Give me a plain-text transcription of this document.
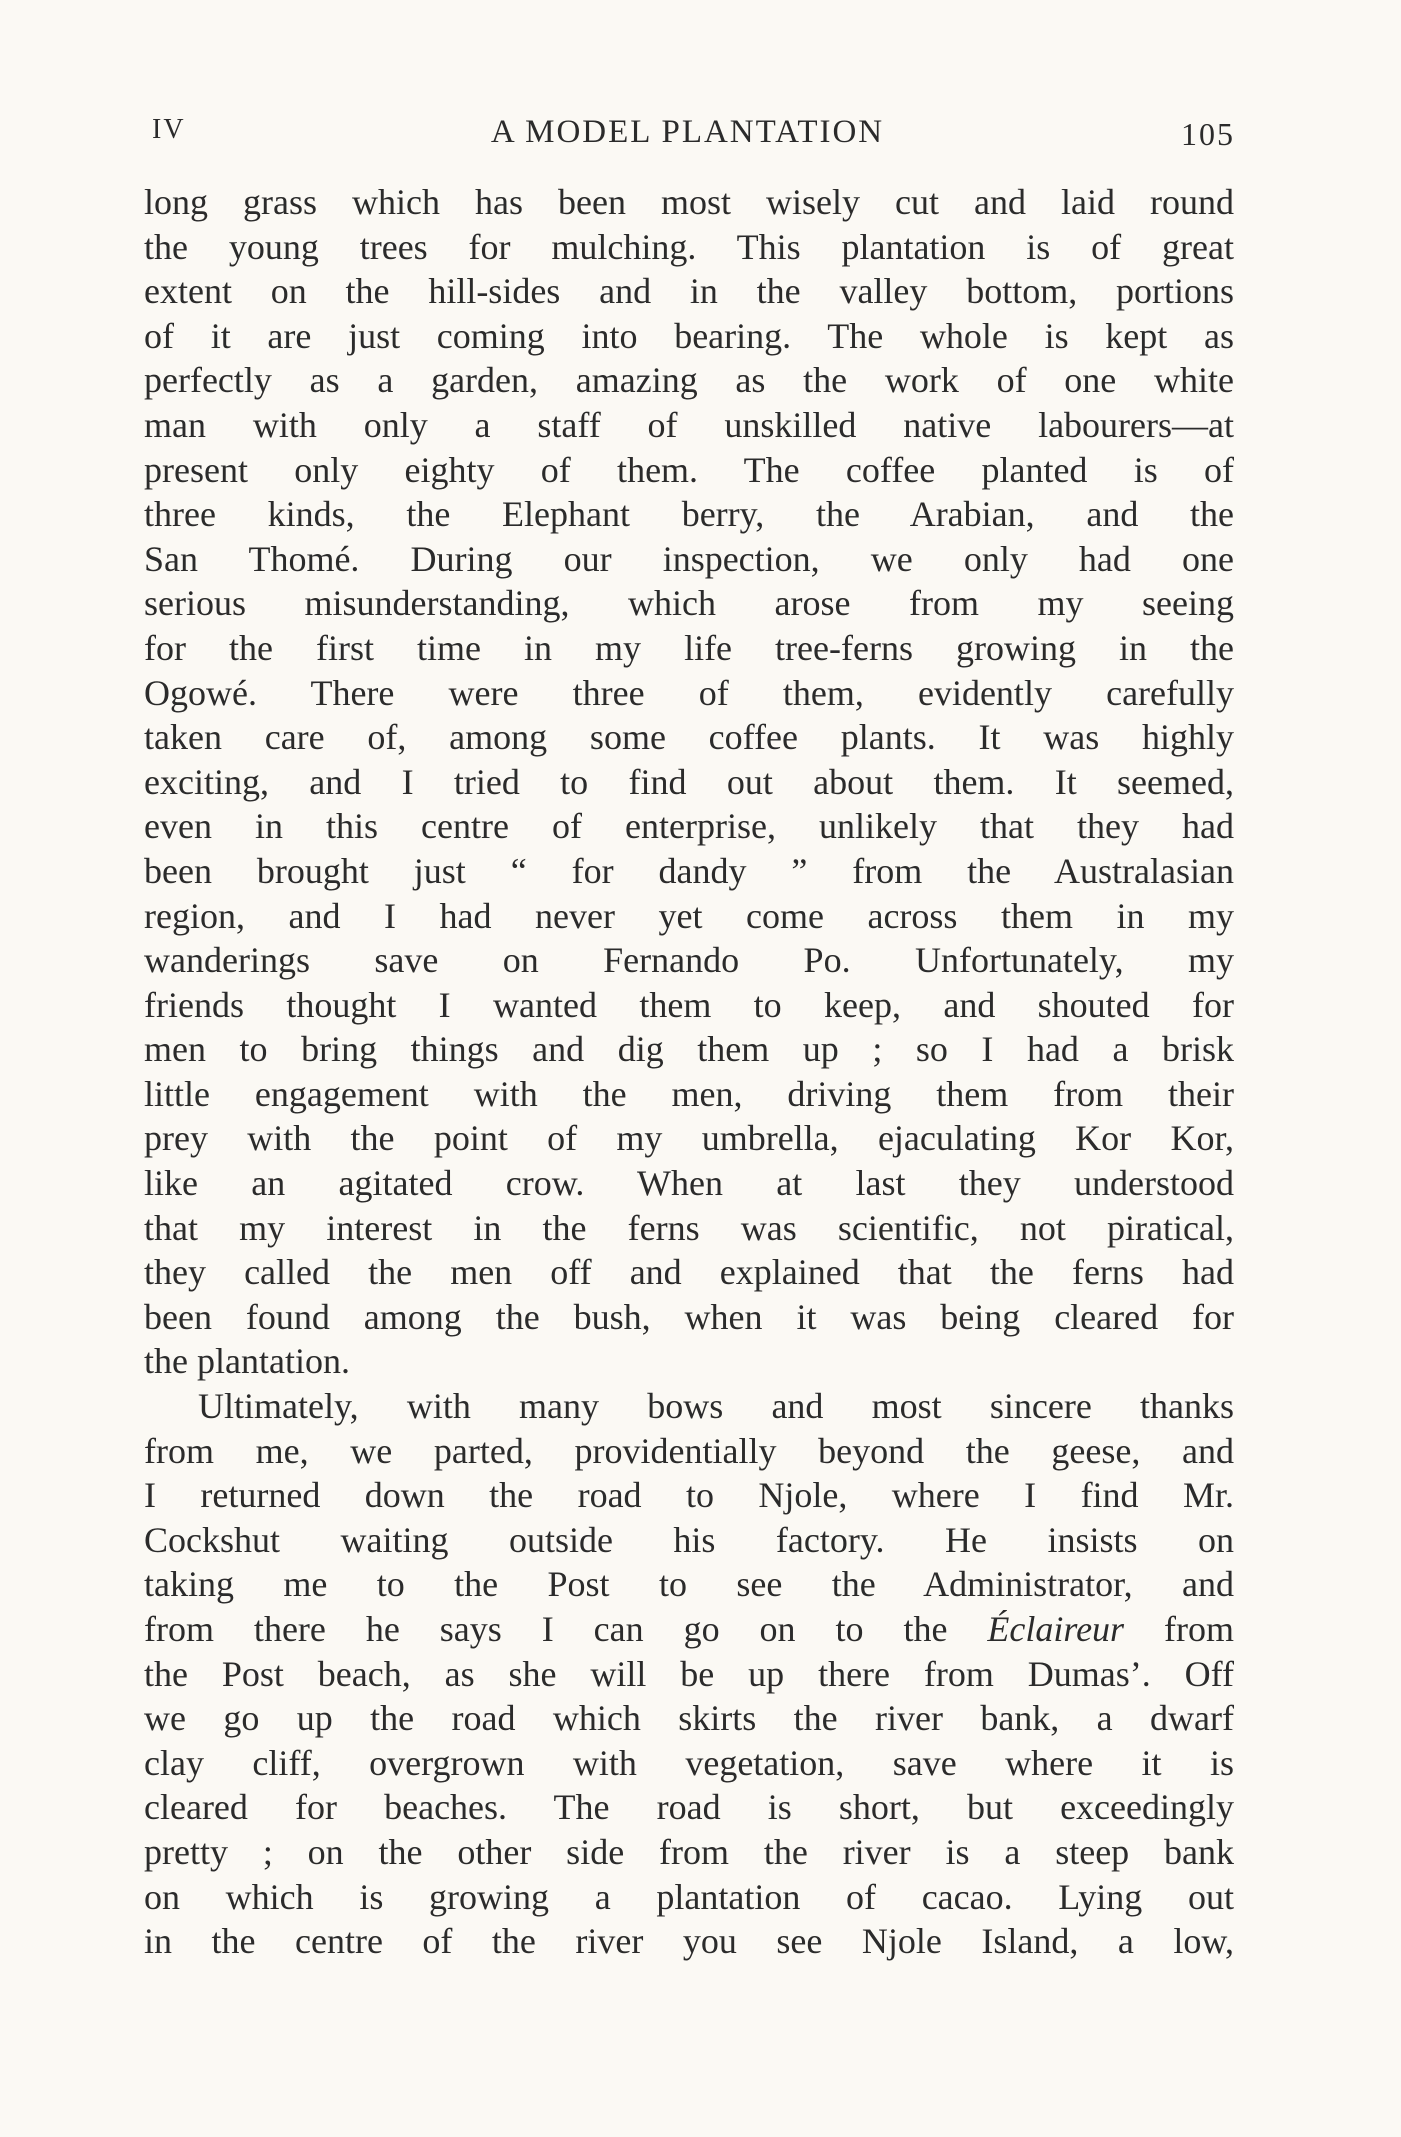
IV	A MODEL PLANTATION	105
long grass which has been most wisely cut and laid round
the young trees for mulching. This plantation is of great
extent on the hill-sides and in the valley bottom, portions
of it are just coming into bearing. The whole is kept as
perfectly as a garden, amazing as the work of one white
man with only a staff of unskilled native labourers—at
present only eighty of them. The coffee planted is of
three kinds, the Elephant berry, the Arabian, and the
San Thomé. During our inspection, we only had one
serious misunderstanding, which arose from my seeing
for the first time in my life tree-ferns growing in the
Ogowé. There were three of them, evidently carefully
taken care of, among some coffee plants. It was highly
exciting, and I tried to find out about them. It seemed,
even in this centre of enterprise, unlikely that they had
been brought just “ for dandy ” from the Australasian
region, and I had never yet come across them in my
wanderings save on Fernando Po. Unfortunately, my
friends thought I wanted them to keep, and shouted for
men to bring things and dig them up ; so I had a brisk
little engagement with the men, driving them from their
prey with the point of my umbrella, ejaculating Kor Kor,
like an agitated crow. When at last they understood
that my interest in the ferns was scientific, not piratical,
they called the men off and explained that the ferns had
been found among the bush, when it was being cleared for
the plantation.
Ultimately, with many bows and most sincere thanks
from me, we parted, providentially beyond the geese, and
I returned down the road to Njole, where I find Mr.
Cockshut waiting outside his factory. He insists on
taking me to the Post to see the Administrator, and
from there he says I can go on to the Éclaireur from
the Post beach, as she will be up there from Dumas’. Off
we go up the road which skirts the river bank, a dwarf
clay cliff, overgrown with vegetation, save where it is
cleared for beaches. The road is short, but exceedingly
pretty ; on the other side from the river is a steep bank
on which is growing a plantation of cacao. Lying out
in the centre of the river you see Njole Island, a low,
